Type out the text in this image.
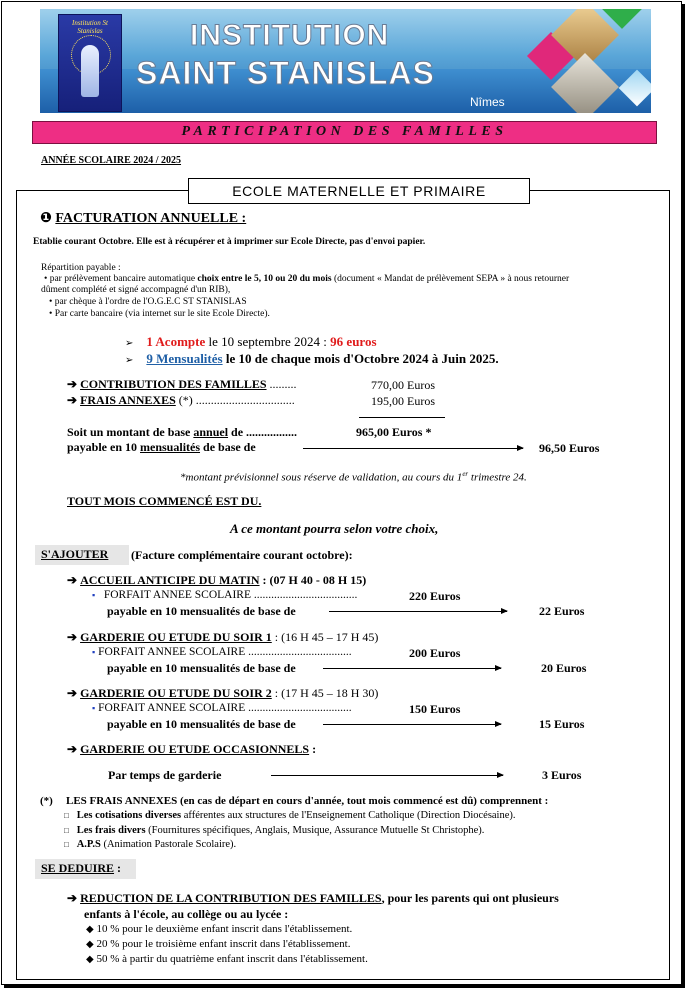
Institution St Stanislas	INSTITUTION
SAINT STANISLAS
Nîmes
PARTICIPATION DES FAMILLES
ANNÉE SCOLAIRE 2024 / 2025
ECOLE MATERNELLE ET PRIMAIRE
❶ FACTURATION ANNUELLE :
Etablie courant Octobre. Elle est à récupérer et à imprimer sur Ecole Directe, pas d'envoi papier.
Répartition payable :
• par prélèvement bancaire automatique choix entre le 5, 10 ou 20 du mois (document « Mandat de prélèvement SEPA » à nous retourner
dûment complété et signé accompagné d'un RIB),
• par chèque à l'ordre de l'O.G.E.C ST STANISLAS
• Par carte bancaire (via internet sur le site Ecole Directe).
➢ 1 Acompte le 10 septembre 2024 : 96 euros
➢ 9 Mensualités le 10 de chaque mois d'Octobre 2024 à Juin 2025.
➔ CONTRIBUTION DES FAMILLES .........	770,00 Euros
➔ FRAIS ANNEXES (*) .................................	195,00 Euros
Soit un montant de base annuel de .................	965,00 Euros *
payable en 10 mensualités de base de	96,50 Euros
*montant prévisionnel sous réserve de validation, au cours du 1er trimestre 24.
TOUT MOIS COMMENCÉ EST DU.
A ce montant pourra selon votre choix,
S'AJOUTER (Facture complémentaire courant octobre):
➔ ACCUEIL ANTICIPE DU MATIN : (07 H 40 - 08 H 15)
▪ FORFAIT ANNEE SCOLAIRE ....................................	220 Euros
payable en 10 mensualités de base de	22 Euros
➔ GARDERIE OU ETUDE DU SOIR 1 : (16 H 45 – 17 H 45)
▪ FORFAIT ANNEE SCOLAIRE ....................................	200 Euros
payable en 10 mensualités de base de	20 Euros
➔ GARDERIE OU ETUDE DU SOIR 2 : (17 H 45 – 18 H 30)
▪ FORFAIT ANNEE SCOLAIRE ....................................	150 Euros
payable en 10 mensualités de base de	15 Euros
➔ GARDERIE OU ETUDE OCCASIONNELS :
Par temps de garderie	3 Euros
(*) LES FRAIS ANNEXES (en cas de départ en cours d'année, tout mois commencé est dû) comprennent :
□ Les cotisations diverses afférentes aux structures de l'Enseignement Catholique (Direction Diocésaine).
□ Les frais divers (Fournitures spécifiques, Anglais, Musique, Assurance Mutuelle St Christophe).
□ A.P.S (Animation Pastorale Scolaire).
SE DEDUIRE :
➔ REDUCTION DE LA CONTRIBUTION DES FAMILLES, pour les parents qui ont plusieurs
enfants à l'école, au collège ou au lycée :
◆ 10 % pour le deuxième enfant inscrit dans l'établissement.
◆ 20 % pour le troisième enfant inscrit dans l'établissement.
◆ 50 % à partir du quatrième enfant inscrit dans l'établissement.
